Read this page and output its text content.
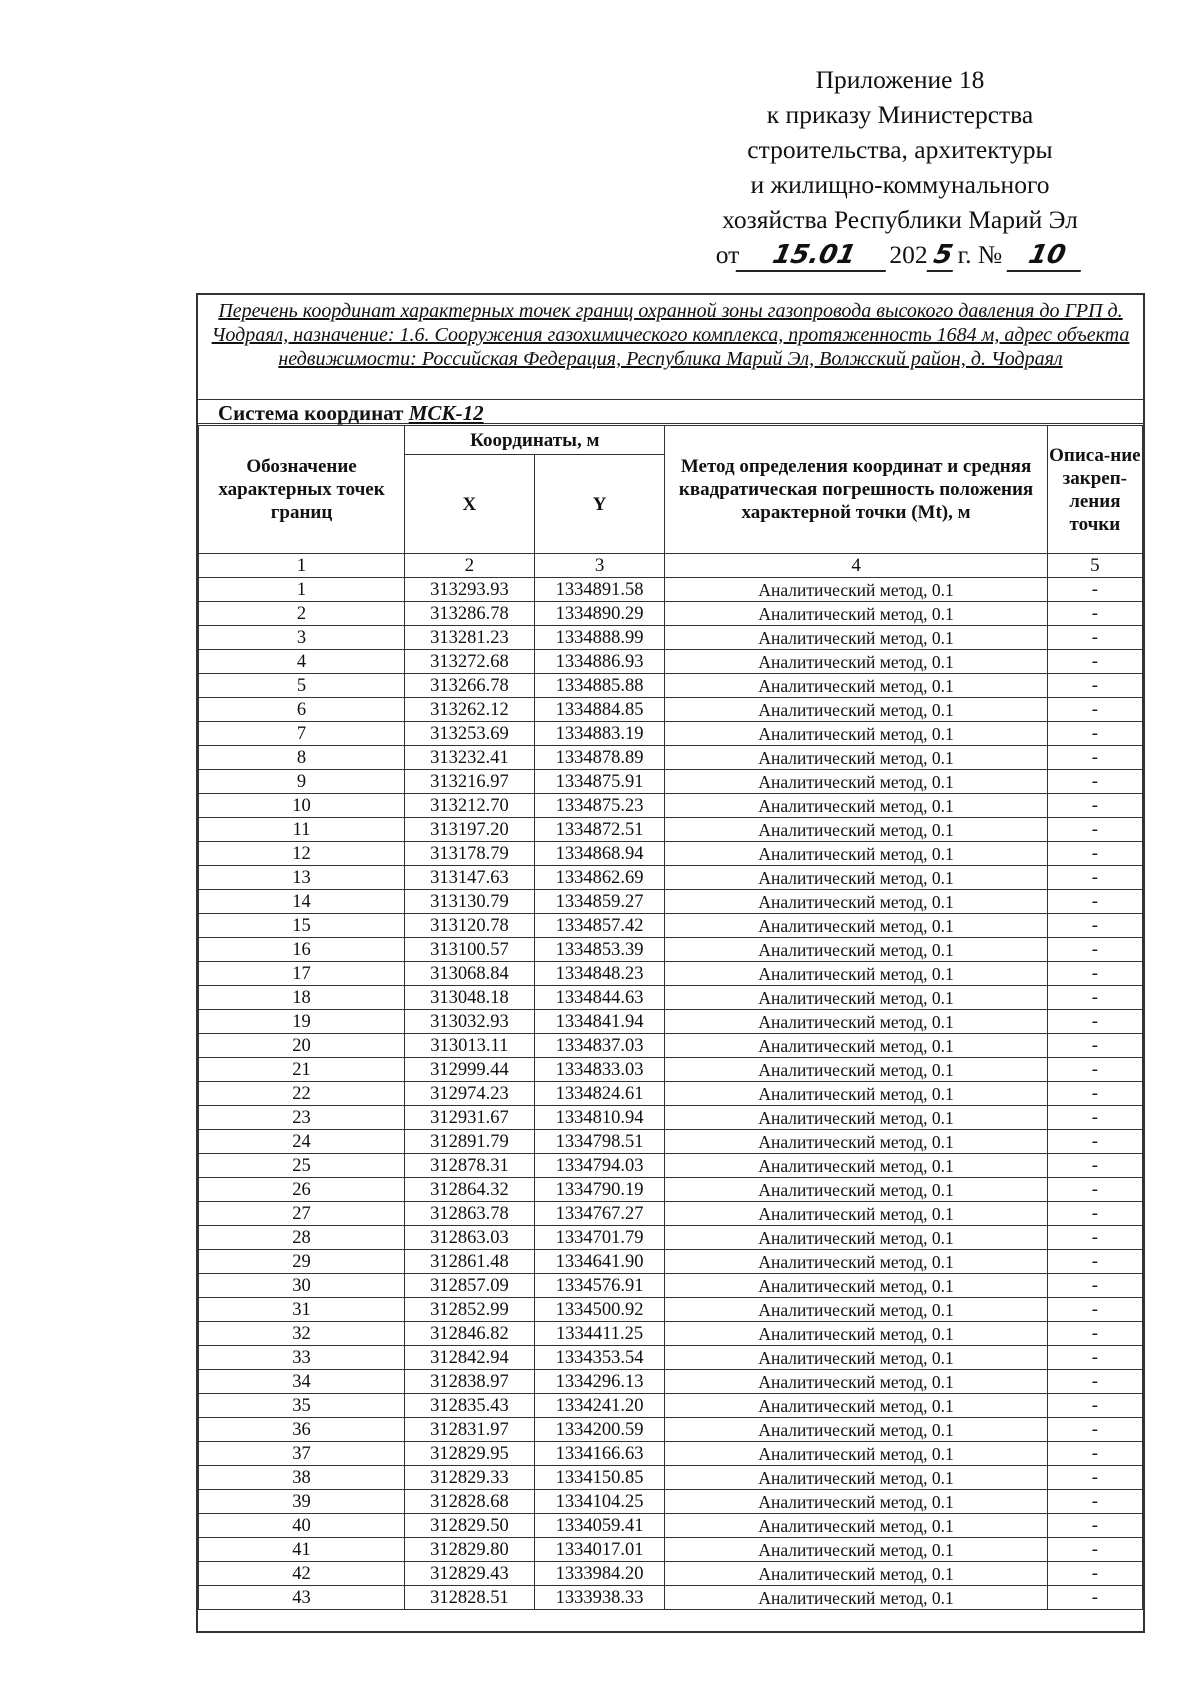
Приложение 18
к приказу Министерства
строительства, архитектуры
и жилищно-коммунального
хозяйства Республики Марий Эл
от	15.01	202 5 г. № 10
Перечень координат характерных точек границ охранной зоны газопровода высокого давления до ГРП д. Чодраял, назначение: 1.6. Сооружения газохимического комплекса, протяженность 1684 м, адрес объекта недвижимости: Российская Федерация, Республика Марий Эл, Волжский район, д. Чодраял
Система координат МСК-12
Обозначение характерных точек границ	Координаты, м		Метод определения координат и средняя квадратическая погрешность положения характерной точки (Mt), м	Описа-ние закреп-ления точки
	X	Y		
1	2	3	4	5
1	313293.93	1334891.58	Аналитический метод, 0.1	-
2	313286.78	1334890.29	Аналитический метод, 0.1	-
3	313281.23	1334888.99	Аналитический метод, 0.1	-
4	313272.68	1334886.93	Аналитический метод, 0.1	-
5	313266.78	1334885.88	Аналитический метод, 0.1	-
6	313262.12	1334884.85	Аналитический метод, 0.1	-
7	313253.69	1334883.19	Аналитический метод, 0.1	-
8	313232.41	1334878.89	Аналитический метод, 0.1	-
9	313216.97	1334875.91	Аналитический метод, 0.1	-
10	313212.70	1334875.23	Аналитический метод, 0.1	-
11	313197.20	1334872.51	Аналитический метод, 0.1	-
12	313178.79	1334868.94	Аналитический метод, 0.1	-
13	313147.63	1334862.69	Аналитический метод, 0.1	-
14	313130.79	1334859.27	Аналитический метод, 0.1	-
15	313120.78	1334857.42	Аналитический метод, 0.1	-
16	313100.57	1334853.39	Аналитический метод, 0.1	-
17	313068.84	1334848.23	Аналитический метод, 0.1	-
18	313048.18	1334844.63	Аналитический метод, 0.1	-
19	313032.93	1334841.94	Аналитический метод, 0.1	-
20	313013.11	1334837.03	Аналитический метод, 0.1	-
21	312999.44	1334833.03	Аналитический метод, 0.1	-
22	312974.23	1334824.61	Аналитический метод, 0.1	-
23	312931.67	1334810.94	Аналитический метод, 0.1	-
24	312891.79	1334798.51	Аналитический метод, 0.1	-
25	312878.31	1334794.03	Аналитический метод, 0.1	-
26	312864.32	1334790.19	Аналитический метод, 0.1	-
27	312863.78	1334767.27	Аналитический метод, 0.1	-
28	312863.03	1334701.79	Аналитический метод, 0.1	-
29	312861.48	1334641.90	Аналитический метод, 0.1	-
30	312857.09	1334576.91	Аналитический метод, 0.1	-
31	312852.99	1334500.92	Аналитический метод, 0.1	-
32	312846.82	1334411.25	Аналитический метод, 0.1	-
33	312842.94	1334353.54	Аналитический метод, 0.1	-
34	312838.97	1334296.13	Аналитический метод, 0.1	-
35	312835.43	1334241.20	Аналитический метод, 0.1	-
36	312831.97	1334200.59	Аналитический метод, 0.1	-
37	312829.95	1334166.63	Аналитический метод, 0.1	-
38	312829.33	1334150.85	Аналитический метод, 0.1	-
39	312828.68	1334104.25	Аналитический метод, 0.1	-
40	312829.50	1334059.41	Аналитический метод, 0.1	-
41	312829.80	1334017.01	Аналитический метод, 0.1	-
42	312829.43	1333984.20	Аналитический метод, 0.1	-
43	312828.51	1333938.33	Аналитический метод, 0.1	-
